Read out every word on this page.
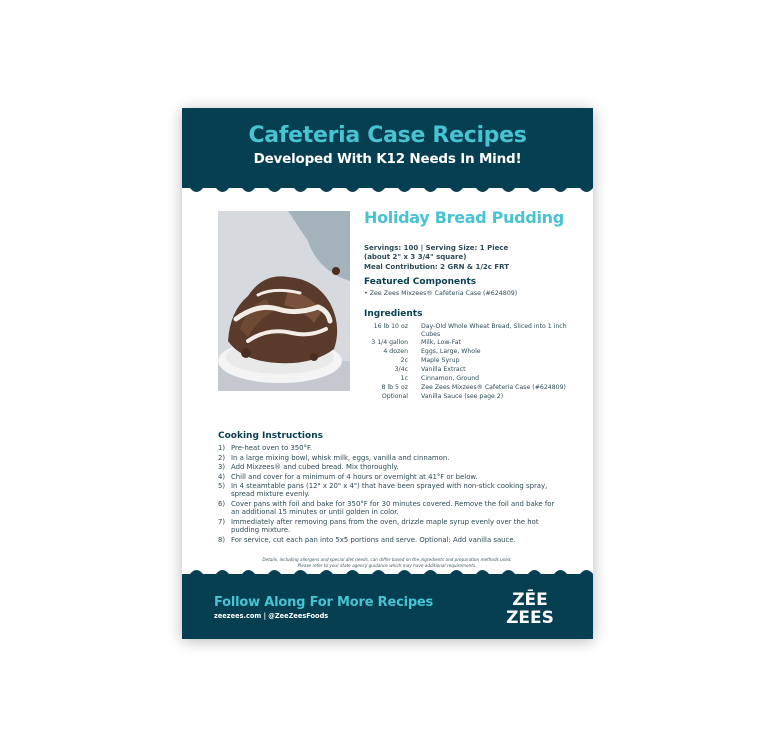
Cafeteria Case Recipes
Developed With K12 Needs In Mind!
Holiday Bread Pudding
Servings: 100 | Serving Size: 1 Piece
(about 2" x 3 3/4" square)
Meal Contribution: 2 GRN & 1/2c FRT
Featured Components
• Zee Zees Mixzees® Cafeteria Case (#624809)
Ingredients
16 lb 10 oz	Day-Old Whole Wheat Bread, Sliced into 1 inch Cubes
3 1/4 gallon	Milk, Low-Fat
4 dozen	Eggs, Large, Whole
2c	Maple Syrup
3/4c	Vanilla Extract
1c	Cinnamon, Ground
8 lb 5 oz	Zee Zees Mixzees® Cafeteria Case (#624809)
Optional	Vanilla Sauce (see page 2)
Cooking Instructions
1) Pre-heat oven to 350°F.
2) In a large mixing bowl, whisk milk, eggs, vanilla and cinnamon.
3) Add Mixzees® and cubed bread. Mix thoroughly.
4) Chill and cover for a minimum of 4 hours or overnight at 41°F or below.
5) In 4 steamtable pans (12" x 20" x 4") that have been sprayed with non-stick cooking spray, spread mixture evenly.
6) Cover pans with foil and bake for 350°F for 30 minutes covered. Remove the foil and bake for an additional 15 minutes or until golden in color.
7) Immediately after removing pans from the oven, drizzle maple syrup evenly over the hot pudding mixture.
8) For service, cut each pan into 5x5 portions and serve. Optional: Add vanilla sauce.
Details, including allergens and special diet needs, can differ based on the ingredients and preparation methods used.
Please refer to your state agency guidance which may have additional requirements.
Follow Along For More Recipes
zeezees.com | @ZeeZeesFoods
ZĒE
ZEES
